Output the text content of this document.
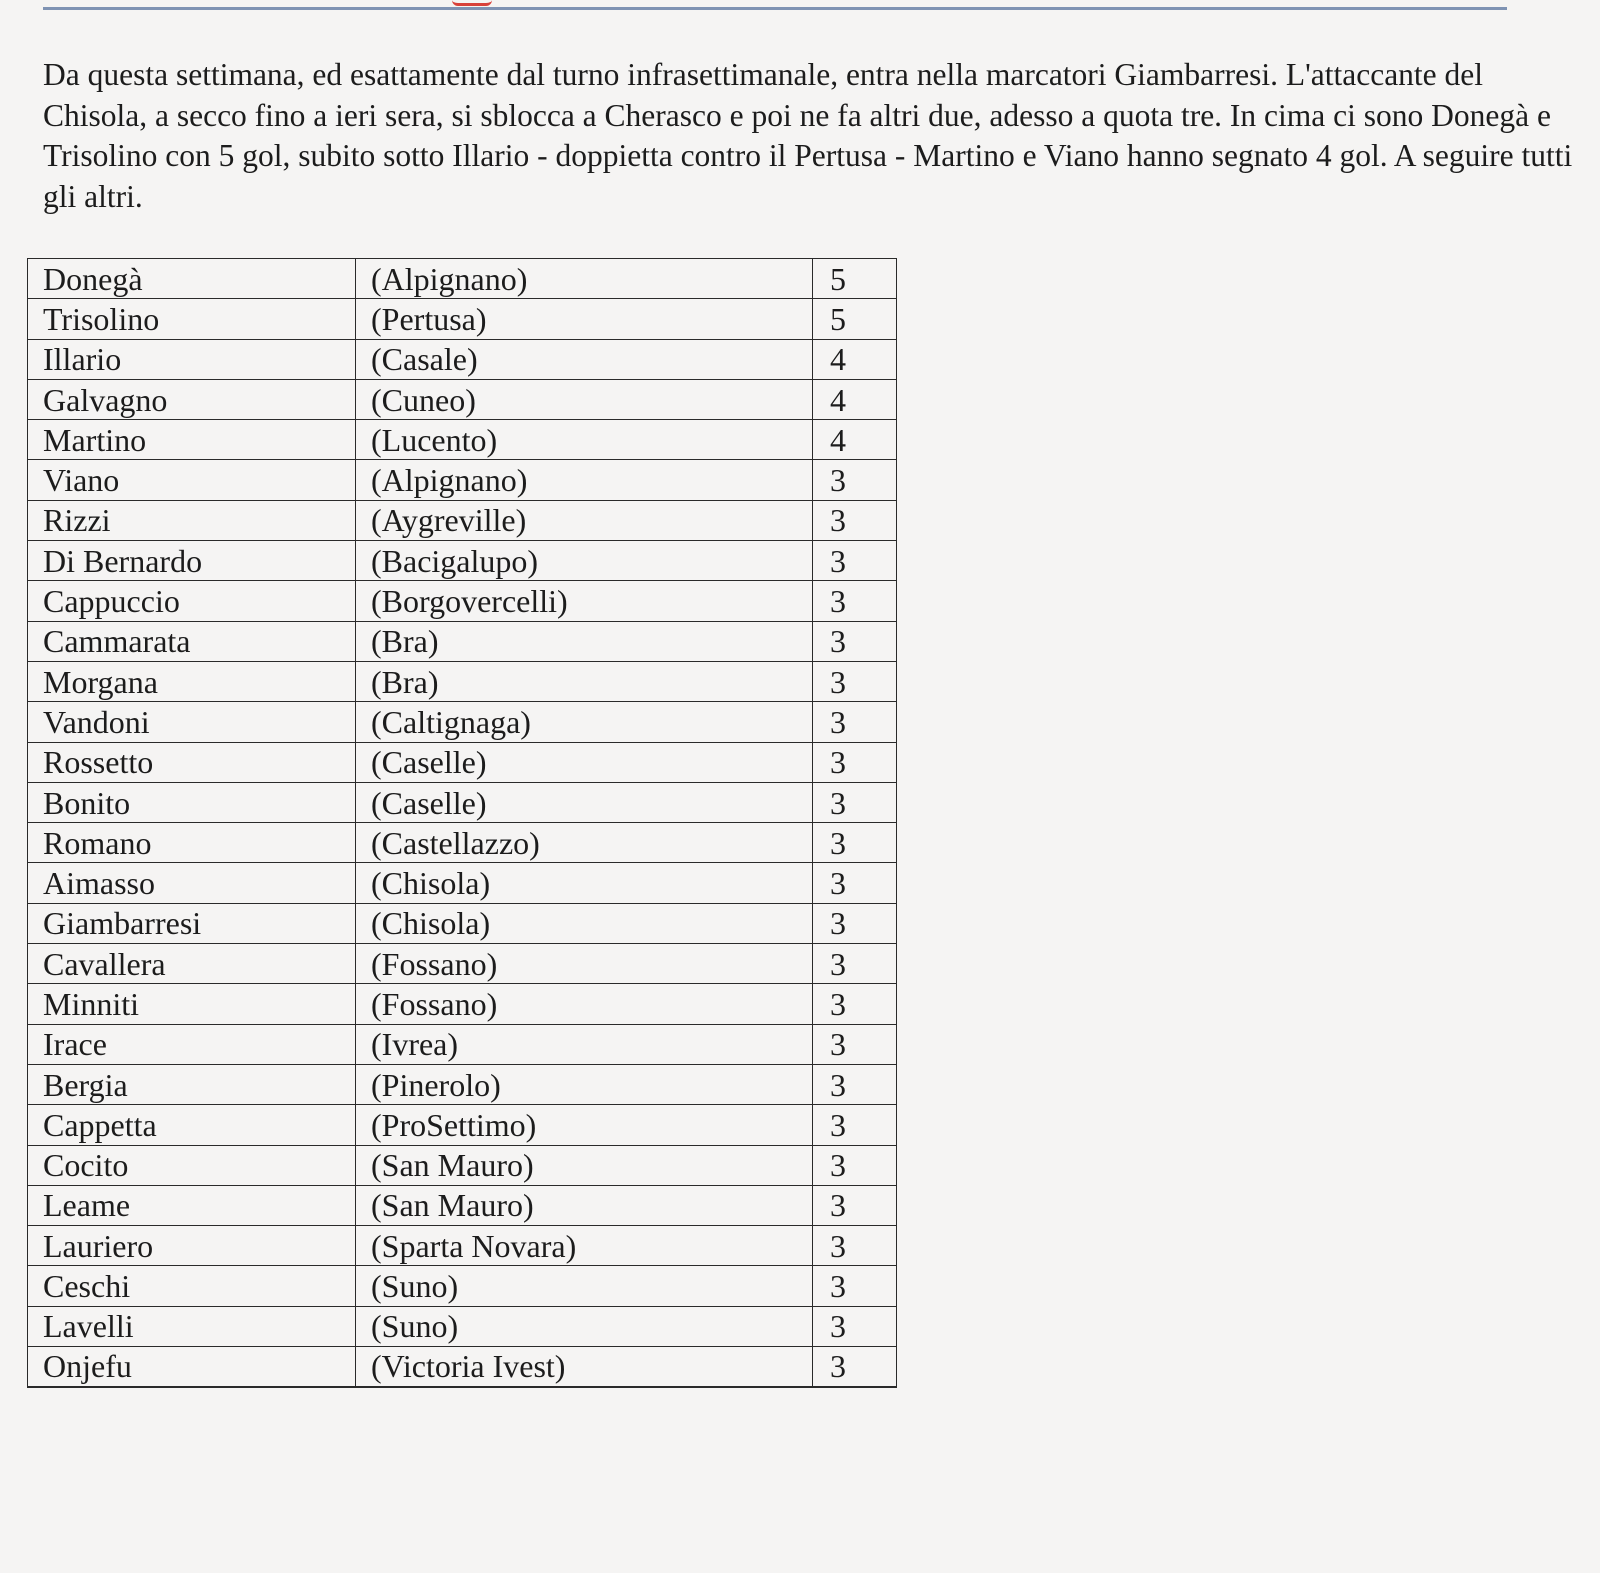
Da questa settimana, ed esattamente dal turno infrasettimanale, entra nella marcatori Giambarresi. L'attaccante del Chisola, a secco fino a ieri sera, si sblocca a Cherasco e poi ne fa altri due, adesso a quota tre. In cima ci sono Donegà e Trisolino con 5 gol, subito sotto Illario - doppietta contro il Pertusa - Martino e Viano hanno segnato 4 gol. A seguire tutti gli altri.

Donegà	(Alpignano)	5
Trisolino	(Pertusa)	5
Illario	(Casale)	4
Galvagno	(Cuneo)	4
Martino	(Lucento)	4
Viano	(Alpignano)	3
Rizzi	(Aygreville)	3
Di Bernardo	(Bacigalupo)	3
Cappuccio	(Borgovercelli)	3
Cammarata	(Bra)	3
Morgana	(Bra)	3
Vandoni	(Caltignaga)	3
Rossetto	(Caselle)	3
Bonito	(Caselle)	3
Romano	(Castellazzo)	3
Aimasso	(Chisola)	3
Giambarresi	(Chisola)	3
Cavallera	(Fossano)	3
Minniti	(Fossano)	3
Irace	(Ivrea)	3
Bergia	(Pinerolo)	3
Cappetta	(ProSettimo)	3
Cocito	(San Mauro)	3
Leame	(San Mauro)	3
Lauriero	(Sparta Novara)	3
Ceschi	(Suno)	3
Lavelli	(Suno)	3
Onjefu	(Victoria Ivest)	3
